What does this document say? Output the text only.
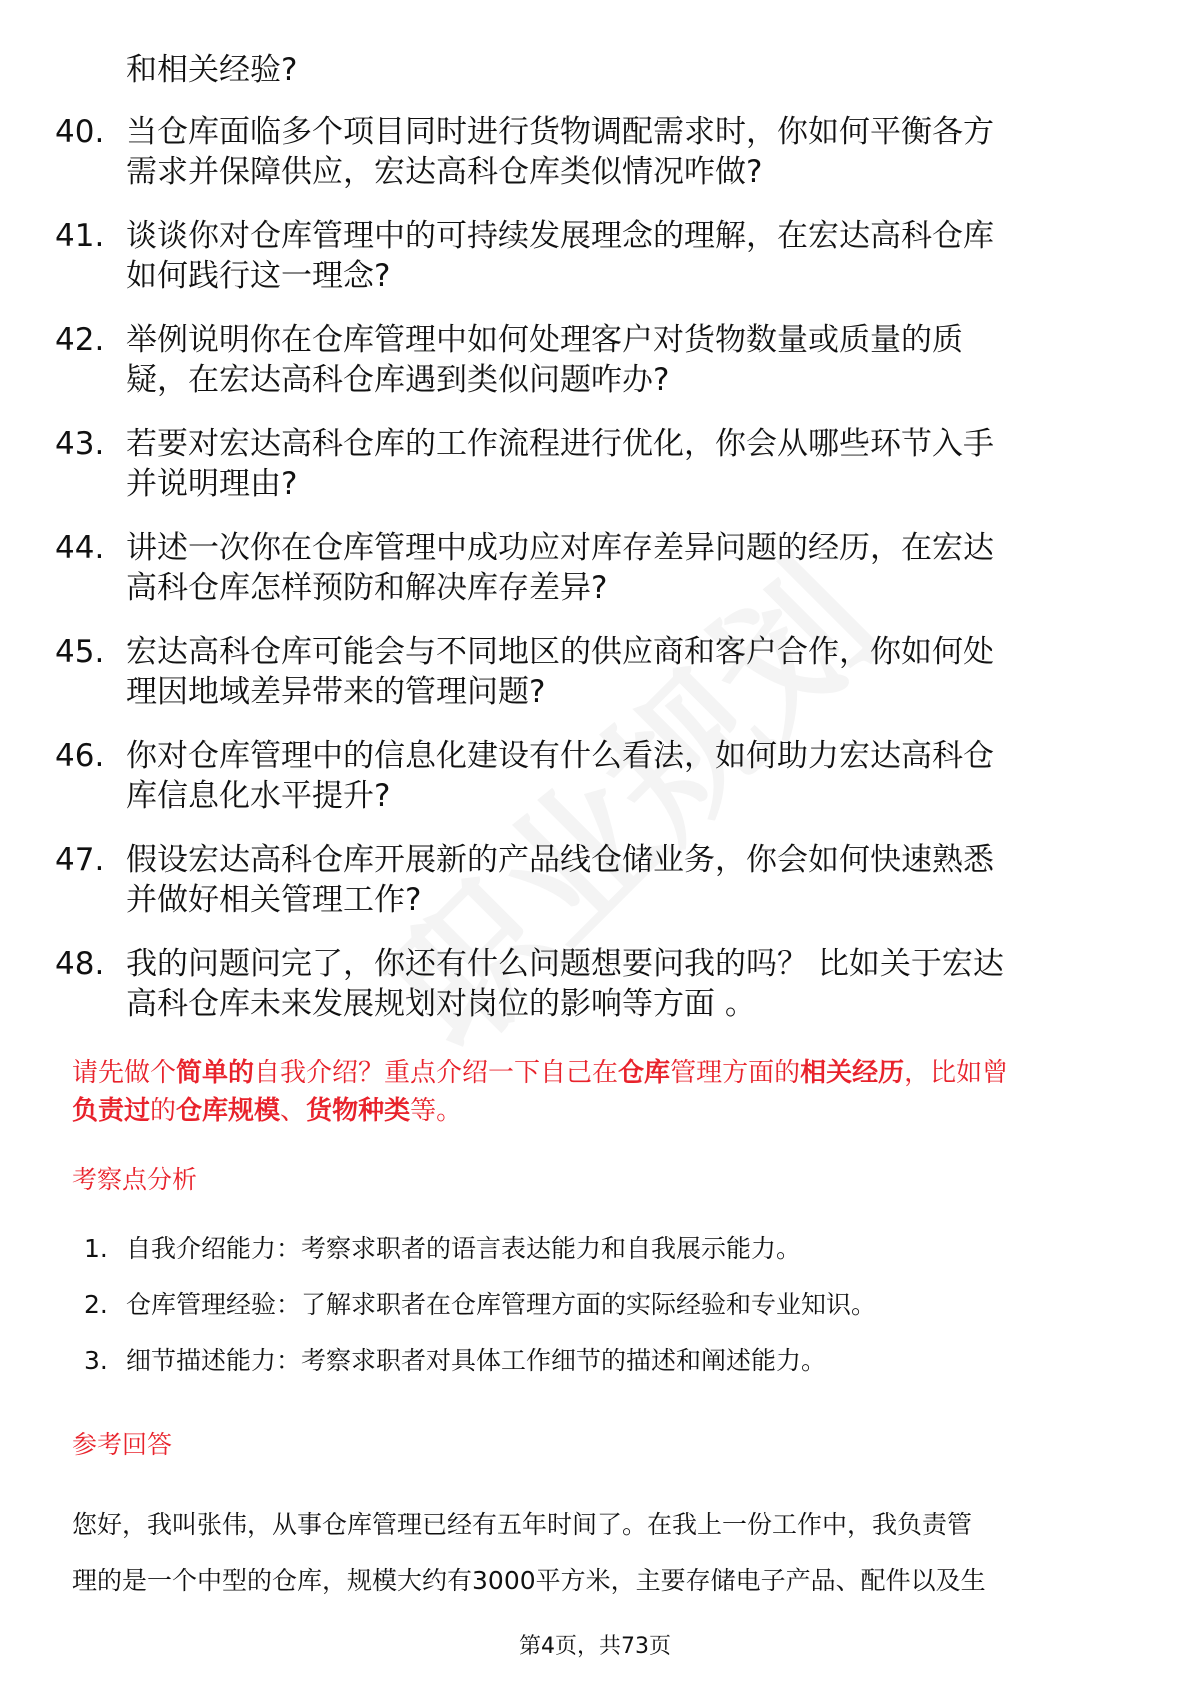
和相关经验?
40. 当仓库面临多个项目同时进行货物调配需求时，你如何平衡各方
需求并保障供应，宏达高科仓库类似情况咋做?
41. 谈谈你对仓库管理中的可持续发展理念的理解，在宏达高科仓库
如何践行这一理念?
42. 举例说明你在仓库管理中如何处理客户对货物数量或质量的质
疑，在宏达高科仓库遇到类似问题咋办?
43. 若要对宏达高科仓库的工作流程进行优化，你会从哪些环节入手
并说明理由?
44. 讲述一次你在仓库管理中成功应对库存差异问题的经历，在宏达
高科仓库怎样预防和解决库存差异?
45. 宏达高科仓库可能会与不同地区的供应商和客户合作，你如何处
理因地域差异带来的管理问题?
46. 你对仓库管理中的信息化建设有什么看法，如何助力宏达高科仓
库信息化水平提升?
47. 假设宏达高科仓库开展新的产品线仓储业务，你会如何快速熟悉
并做好相关管理工作?
48. 我的问题问完了，你还有什么问题想要问我的吗？ 比如关于宏达
高科仓库未来发展规划对岗位的影响等方面 。
请先做个简单的自我介绍？重点介绍一下自己在仓库管理方面的相关经历，比如曾
负责过的仓库规模、货物种类等。
考察点分析
1. 自我介绍能力：考察求职者的语言表达能力和自我展示能力。
2. 仓库管理经验：了解求职者在仓库管理方面的实际经验和专业知识。
3. 细节描述能力：考察求职者对具体工作细节的描述和阐述能力。
参考回答
您好，我叫张伟，从事仓库管理已经有五年时间了。在我上一份工作中，我负责管
理的是一个中型的仓库，规模大约有3000平方米，主要存储电子产品、配件以及生
第4页，共73页
